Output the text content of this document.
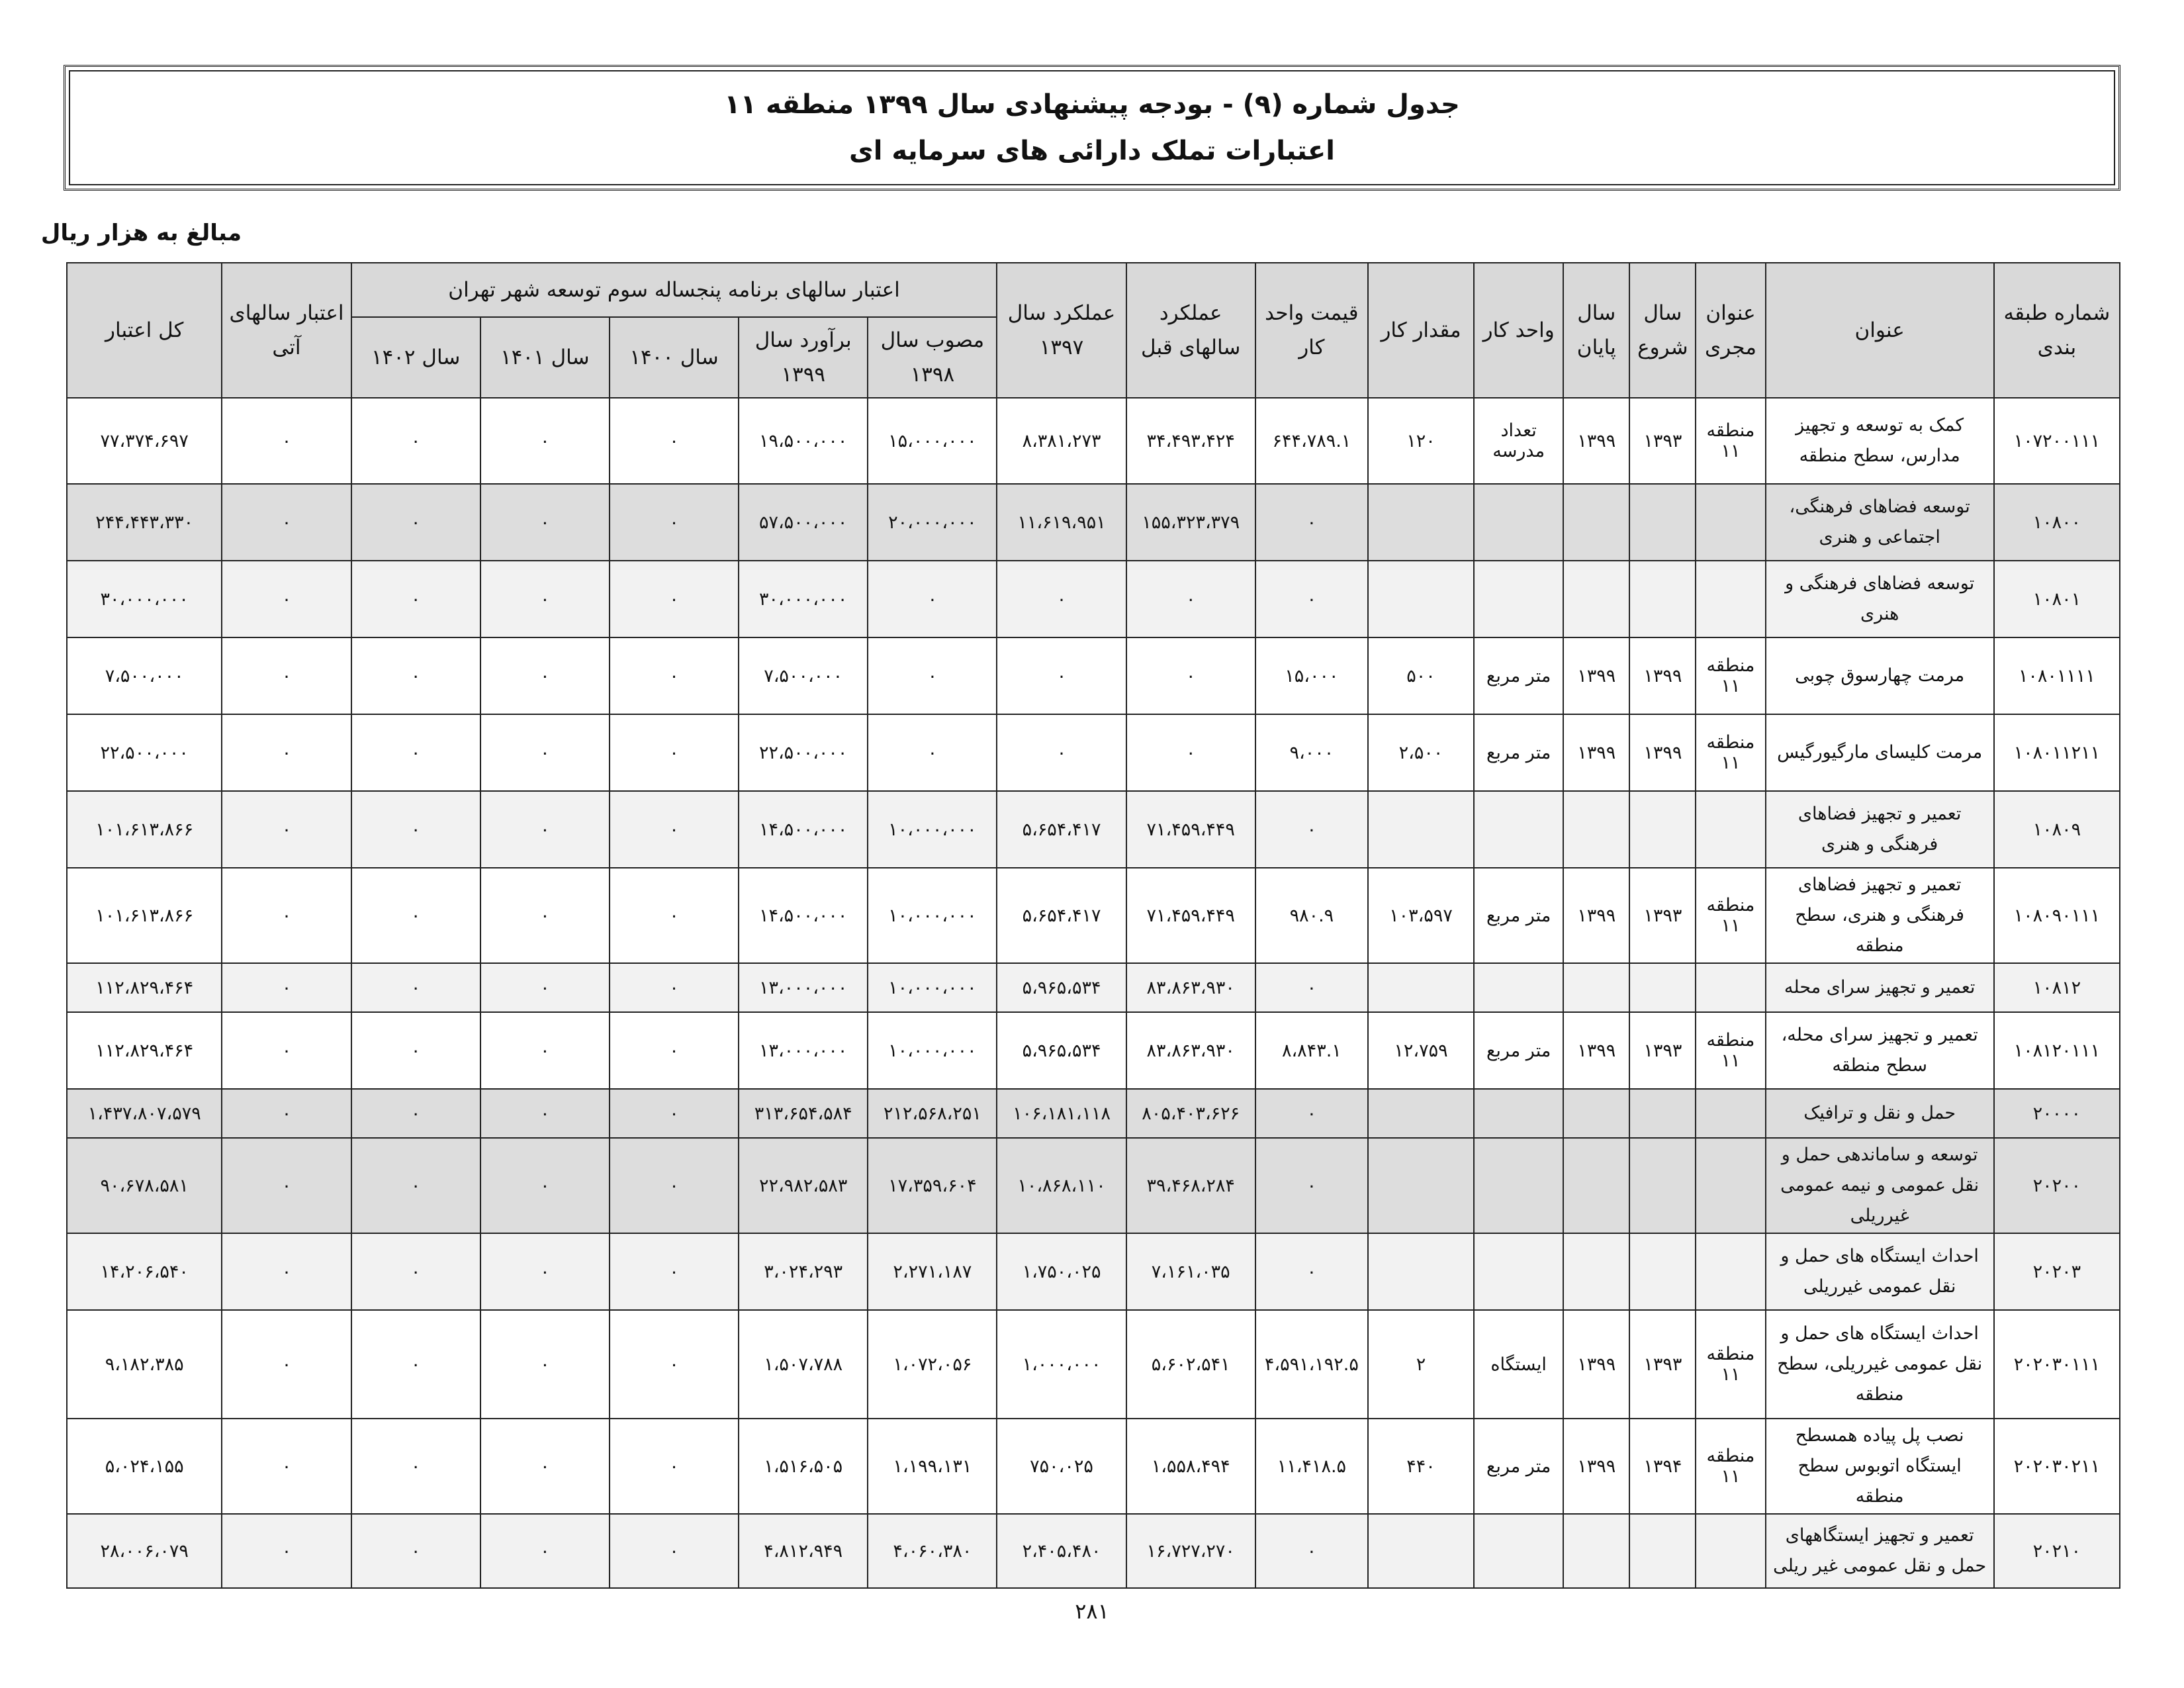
جدول شماره (۹) - بودجه پیشنهادی سال ۱۳۹۹ منطقه ۱۱
اعتبارات تملک دارائی های سرمایه ای
مبالغ به هزار ریال
شماره طبقه بندی	عنوان	عنوان مجری	سال شروع	سال پایان	واحد کار	مقدار کار	قیمت واحد کار	عملکرد سالهای قبل	عملکرد سال ۱۳۹۷	اعتبار سالهای برنامه پنجساله سوم توسعه شهر تهران					اعتبار سالهای آتی	کل اعتبار
										مصوب سال ۱۳۹۸	برآورد سال ۱۳۹۹	سال ۱۴۰۰	سال ۱۴۰۱	سال ۱۴۰۲		
۱۰۷۲۰۰۱۱۱	کمک به توسعه و تجهیز مدارس، سطح منطقه	منطقه ۱۱	۱۳۹۳	۱۳۹۹	تعداد مدرسه	۱۲۰	۶۴۴،۷۸۹.۱	۳۴،۴۹۳،۴۲۴	۸،۳۸۱،۲۷۳	۱۵،۰۰۰،۰۰۰	۱۹،۵۰۰،۰۰۰	۰	۰	۰	۰	۷۷،۳۷۴،۶۹۷
۱۰۸۰۰	توسعه فضاهای فرهنگی، اجتماعی و هنری						۰	۱۵۵،۳۲۳،۳۷۹	۱۱،۶۱۹،۹۵۱	۲۰،۰۰۰،۰۰۰	۵۷،۵۰۰،۰۰۰	۰	۰	۰	۰	۲۴۴،۴۴۳،۳۳۰
۱۰۸۰۱	توسعه فضاهای فرهنگی و هنری						۰	۰	۰	۰	۳۰،۰۰۰،۰۰۰	۰	۰	۰	۰	۳۰،۰۰۰،۰۰۰
۱۰۸۰۱۱۱۱	مرمت چهارسوق چوبی	منطقه ۱۱	۱۳۹۹	۱۳۹۹	متر مربع	۵۰۰	۱۵،۰۰۰	۰	۰	۰	۷،۵۰۰،۰۰۰	۰	۰	۰	۰	۷،۵۰۰،۰۰۰
۱۰۸۰۱۱۲۱۱	مرمت کلیسای مارگیورگیس	منطقه ۱۱	۱۳۹۹	۱۳۹۹	متر مربع	۲،۵۰۰	۹،۰۰۰	۰	۰	۰	۲۲،۵۰۰،۰۰۰	۰	۰	۰	۰	۲۲،۵۰۰،۰۰۰
۱۰۸۰۹	تعمیر و تجهیز فضاهای فرهنگی و هنری						۰	۷۱،۴۵۹،۴۴۹	۵،۶۵۴،۴۱۷	۱۰،۰۰۰،۰۰۰	۱۴،۵۰۰،۰۰۰	۰	۰	۰	۰	۱۰۱،۶۱۳،۸۶۶
۱۰۸۰۹۰۱۱۱	تعمیر و تجهیز فضاهای فرهنگی و هنری، سطح منطقه	منطقه ۱۱	۱۳۹۳	۱۳۹۹	متر مربع	۱۰۳،۵۹۷	۹۸۰.۹	۷۱،۴۵۹،۴۴۹	۵،۶۵۴،۴۱۷	۱۰،۰۰۰،۰۰۰	۱۴،۵۰۰،۰۰۰	۰	۰	۰	۰	۱۰۱،۶۱۳،۸۶۶
۱۰۸۱۲	تعمیر و تجهیز سرای محله						۰	۸۳،۸۶۳،۹۳۰	۵،۹۶۵،۵۳۴	۱۰،۰۰۰،۰۰۰	۱۳،۰۰۰،۰۰۰	۰	۰	۰	۰	۱۱۲،۸۲۹،۴۶۴
۱۰۸۱۲۰۱۱۱	تعمیر و تجهیز سرای محله، سطح منطقه	منطقه ۱۱	۱۳۹۳	۱۳۹۹	متر مربع	۱۲،۷۵۹	۸،۸۴۳.۱	۸۳،۸۶۳،۹۳۰	۵،۹۶۵،۵۳۴	۱۰،۰۰۰،۰۰۰	۱۳،۰۰۰،۰۰۰	۰	۰	۰	۰	۱۱۲،۸۲۹،۴۶۴
۲۰۰۰۰	حمل و نقل و ترافیک						۰	۸۰۵،۴۰۳،۶۲۶	۱۰۶،۱۸۱،۱۱۸	۲۱۲،۵۶۸،۲۵۱	۳۱۳،۶۵۴،۵۸۴	۰	۰	۰	۰	۱،۴۳۷،۸۰۷،۵۷۹
۲۰۲۰۰	توسعه و ساماندهی حمل و نقل عمومی و نیمه عمومی غیرریلی						۰	۳۹،۴۶۸،۲۸۴	۱۰،۸۶۸،۱۱۰	۱۷،۳۵۹،۶۰۴	۲۲،۹۸۲،۵۸۳	۰	۰	۰	۰	۹۰،۶۷۸،۵۸۱
۲۰۲۰۳	احداث ایستگاه های حمل و نقل عمومی غیرریلی						۰	۷،۱۶۱،۰۳۵	۱،۷۵۰،۰۲۵	۲،۲۷۱،۱۸۷	۳،۰۲۴،۲۹۳	۰	۰	۰	۰	۱۴،۲۰۶،۵۴۰
۲۰۲۰۳۰۱۱۱	احداث ایستگاه های حمل و نقل عمومی غیرریلی، سطح منطقه	منطقه ۱۱	۱۳۹۳	۱۳۹۹	ایستگاه	۲	۴،۵۹۱،۱۹۲.۵	۵،۶۰۲،۵۴۱	۱،۰۰۰،۰۰۰	۱،۰۷۲،۰۵۶	۱،۵۰۷،۷۸۸	۰	۰	۰	۰	۹،۱۸۲،۳۸۵
۲۰۲۰۳۰۲۱۱	نصب پل پیاده همسطح ایستگاه اتوبوس سطح منطقه	منطقه ۱۱	۱۳۹۴	۱۳۹۹	متر مربع	۴۴۰	۱۱،۴۱۸.۵	۱،۵۵۸،۴۹۴	۷۵۰،۰۲۵	۱،۱۹۹،۱۳۱	۱،۵۱۶،۵۰۵	۰	۰	۰	۰	۵،۰۲۴،۱۵۵
۲۰۲۱۰	تعمیر و تجهیز ایستگاههای حمل و نقل عمومی غیر ریلی						۰	۱۶،۷۲۷،۲۷۰	۲،۴۰۵،۴۸۰	۴،۰۶۰،۳۸۰	۴،۸۱۲،۹۴۹	۰	۰	۰	۰	۲۸،۰۰۶،۰۷۹
۲۸۱
